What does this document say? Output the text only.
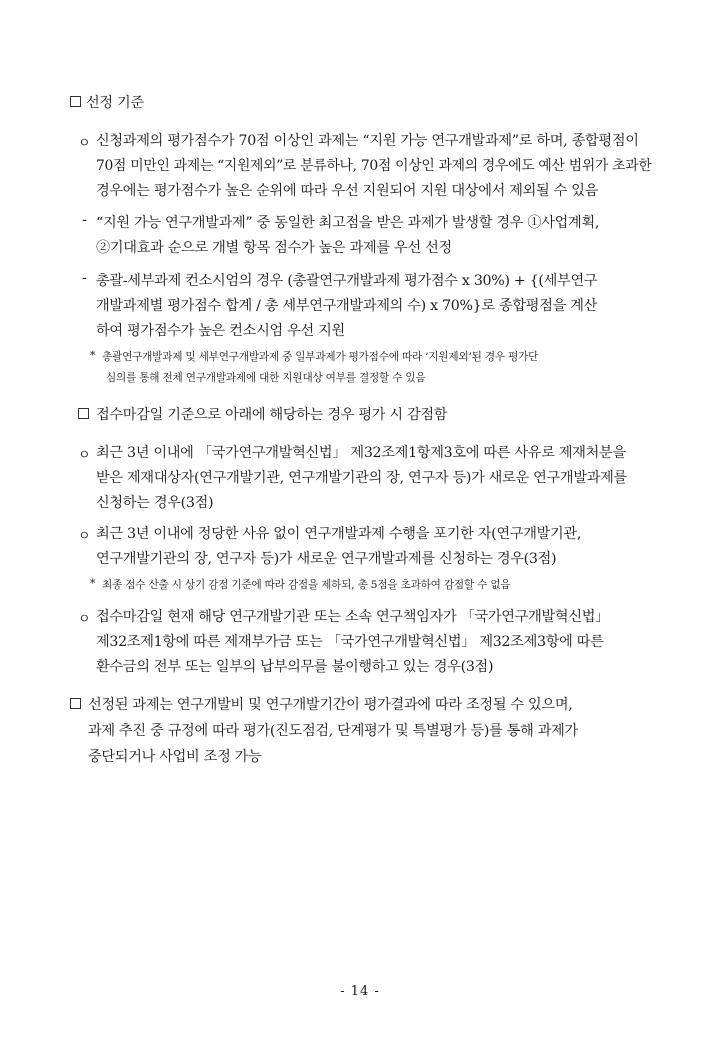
선정 기준
ㅇ 신청과제의 평가점수가 70점 이상인 과제는 “지원 가능 연구개발과제”로 하며, 종합평점이
70점 미만인 과제는 “지원제외”로 분류하나, 70점 이상인 과제의 경우에도 예산 범위가 초과한
경우에는 평가점수가 높은 순위에 따라 우선 지원되어 지원 대상에서 제외될 수 있음
- “지원 가능 연구개발과제” 중 동일한 최고점을 받은 과제가 발생할 경우 ①사업계획,
②기대효과 순으로 개별 항목 점수가 높은 과제를 우선 선정
- 총괄-세부과제 컨소시엄의 경우 (총괄연구개발과제 평가점수 x 30%) + {(세부연구
개발과제별 평가점수 합계 / 총 세부연구개발과제의 수) x 70%}로 종합평점을 계산
하여 평가점수가 높은 컨소시엄 우선 지원
* 총괄연구개발과제 및 세부연구개발과제 중 일부과제가 평가점수에 따라 ‘지원제외’된 경우 평가단
심의를 통해 전체 연구개발과제에 대한 지원대상 여부를 결정할 수 있음
접수마감일 기준으로 아래에 해당하는 경우 평가 시 감점함
ㅇ 최근 3년 이내에 「국가연구개발혁신법」 제32조제1항제3호에 따른 사유로 제재처분을
받은 제재대상자(연구개발기관, 연구개발기관의 장, 연구자 등)가 새로운 연구개발과제를
신청하는 경우(3점)
ㅇ 최근 3년 이내에 정당한 사유 없이 연구개발과제 수행을 포기한 자(연구개발기관,
연구개발기관의 장, 연구자 등)가 새로운 연구개발과제를 신청하는 경우(3점)
* 최종 점수 산출 시 상기 감점 기준에 따라 감점을 제하되, 총 5점을 초과하여 감점할 수 없음
ㅇ 접수마감일 현재 해당 연구개발기관 또는 소속 연구책임자가 「국가연구개발혁신법」
제32조제1항에 따른 제재부가금 또는 「국가연구개발혁신법」 제32조제3항에 따른
환수금의 전부 또는 일부의 납부의무를 불이행하고 있는 경우(3점)
선정된 과제는 연구개발비 및 연구개발기간이 평가결과에 따라 조정될 수 있으며,
과제 추진 중 규정에 따라 평가(진도점검, 단계평가 및 특별평가 등)를 통해 과제가
중단되거나 사업비 조정 가능
- 14 -
